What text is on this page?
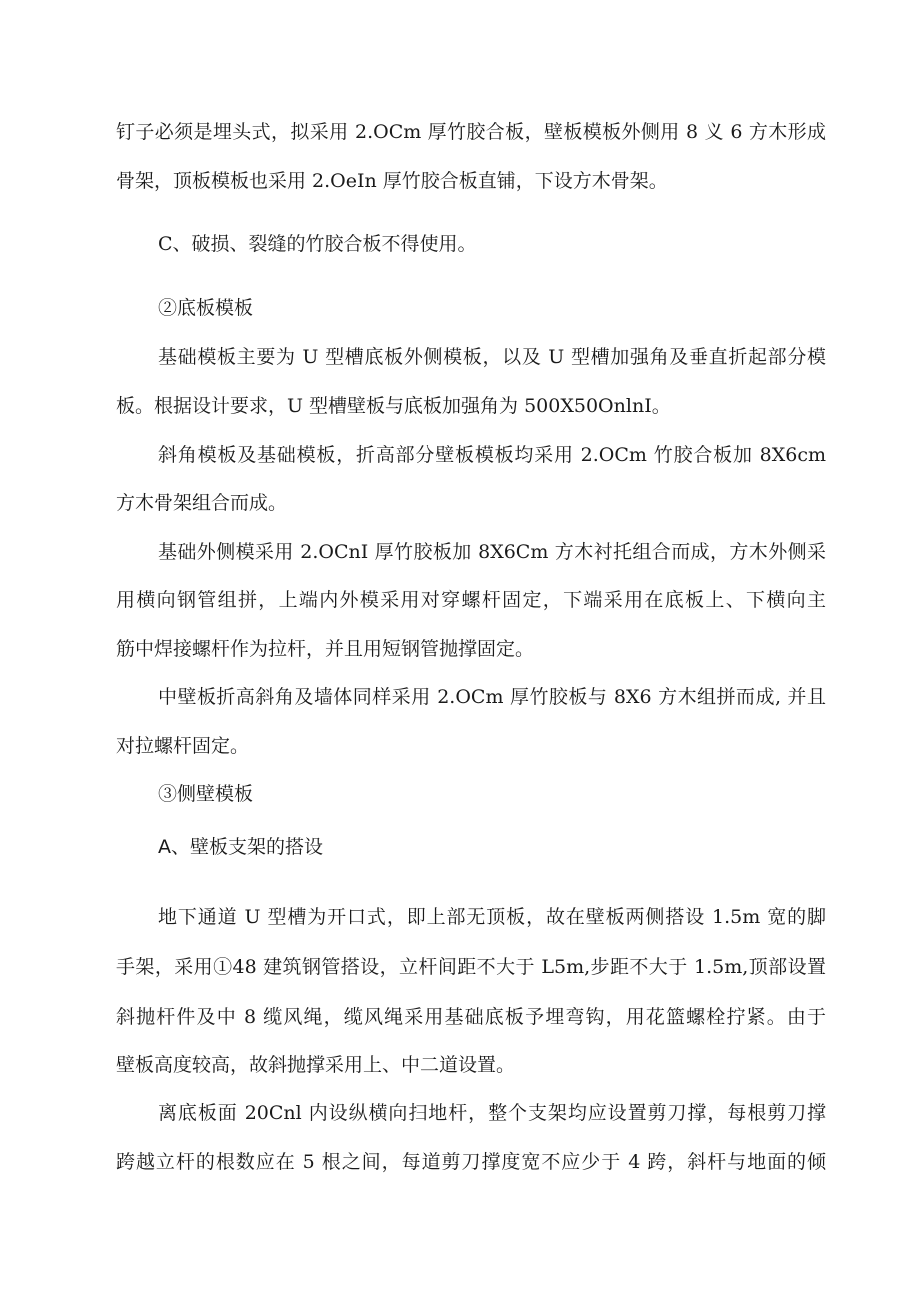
钉子必须是埋头式，拟采用 2.OCm 厚竹胶合板，壁板模板外侧用 8 义 6 方木形成

骨架，顶板模板也采用 2.OeIn 厚竹胶合板直铺，下设方木骨架。

C、破损、裂缝的竹胶合板不得使用。

②底板模板

基础模板主要为 U 型槽底板外侧模板，以及 U 型槽加强角及垂直折起部分模

板。根据设计要求，U 型槽壁板与底板加强角为 500X50OnlnI。

斜角模板及基础模板，折高部分壁板模板均采用 2.OCm 竹胶合板加 8X6cm

方木骨架组合而成。

基础外侧模采用 2.OCnI 厚竹胶板加 8X6Cm 方木衬托组合而成，方木外侧采

用横向钢管组拼，上端内外模采用对穿螺杆固定，下端采用在底板上、下横向主

筋中焊接螺杆作为拉杆，并且用短钢管抛撑固定。

中壁板折高斜角及墙体同样采用 2.OCm 厚竹胶板与 8X6 方木组拼而成, 并且

对拉螺杆固定。

③侧壁模板

A、壁板支架的搭设

地下通道 U 型槽为开口式，即上部无顶板，故在壁板两侧搭设 1.5m 宽的脚

手架，采用①48 建筑钢管搭设，立杆间距不大于 L5m,步距不大于 1.5m,顶部设置

斜抛杆件及中 8 缆风绳，缆风绳采用基础底板予埋弯钩，用花篮螺栓拧紧。由于

壁板高度较高，故斜抛撑采用上、中二道设置。

离底板面 20Cnl 内设纵横向扫地杆，整个支架均应设置剪刀撑，每根剪刀撑

跨越立杆的根数应在 5 根之间，每道剪刀撑度宽不应少于 4 跨，斜杆与地面的倾
